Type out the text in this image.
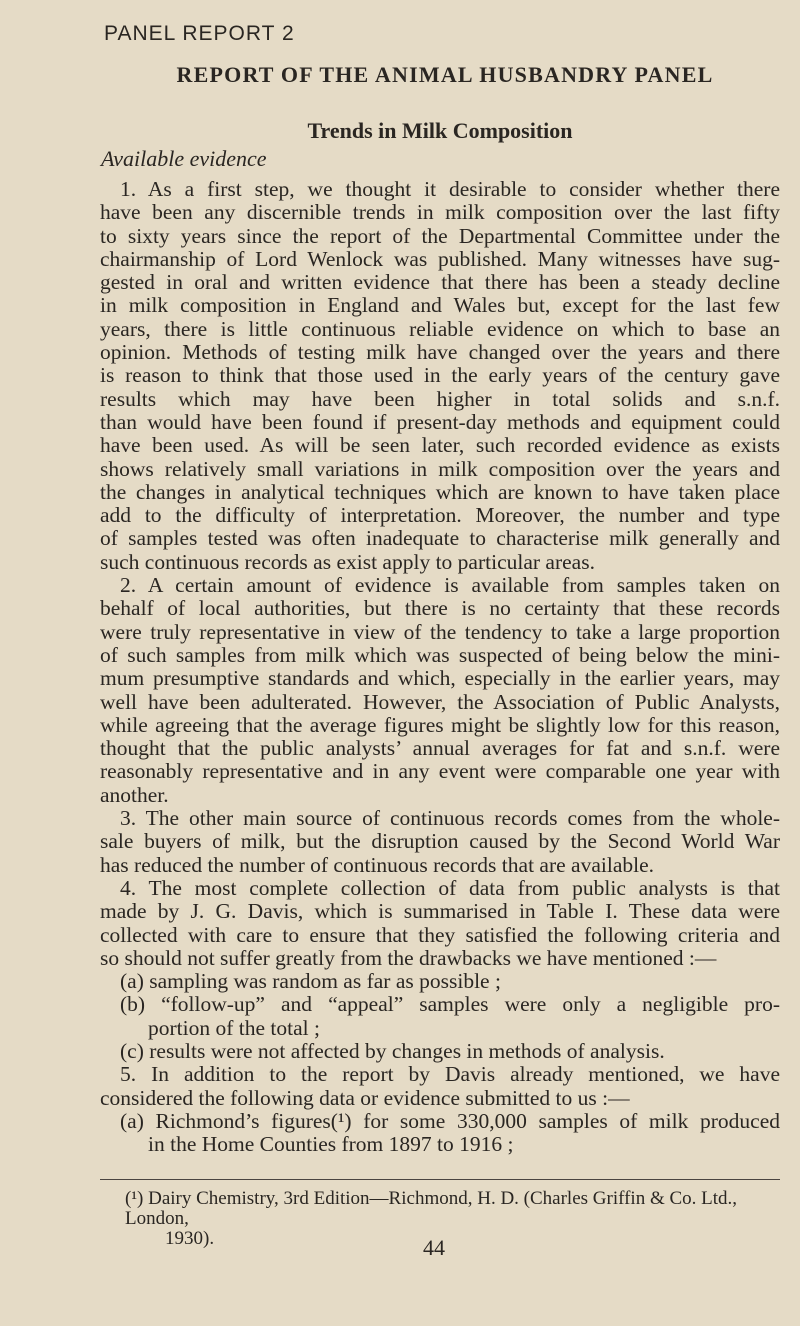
PANEL REPORT 2
REPORT OF THE ANIMAL HUSBANDRY PANEL
Trends in Milk Composition
Available evidence
1. As a first step, we thought it desirable to consider whether there
have been any discernible trends in milk composition over the last fifty
to sixty years since the report of the Departmental Committee under the
chairmanship of Lord Wenlock was published. Many witnesses have sug-
gested in oral and written evidence that there has been a steady decline
in milk composition in England and Wales but, except for the last few
years, there is little continuous reliable evidence on which to base an
opinion. Methods of testing milk have changed over the years and there
is reason to think that those used in the early years of the century gave
results which may have been higher in total solids and s.n.f.
than would have been found if present-day methods and equipment could
have been used. As will be seen later, such recorded evidence as exists
shows relatively small variations in milk composition over the years and
the changes in analytical techniques which are known to have taken place
add to the difficulty of interpretation. Moreover, the number and type
of samples tested was often inadequate to characterise milk generally and
such continuous records as exist apply to particular areas.
2. A certain amount of evidence is available from samples taken on
behalf of local authorities, but there is no certainty that these records
were truly representative in view of the tendency to take a large proportion
of such samples from milk which was suspected of being below the mini-
mum presumptive standards and which, especially in the earlier years, may
well have been adulterated. However, the Association of Public Analysts,
while agreeing that the average figures might be slightly low for this reason,
thought that the public analysts’ annual averages for fat and s.n.f. were
reasonably representative and in any event were comparable one year with
another.
3. The other main source of continuous records comes from the whole-
sale buyers of milk, but the disruption caused by the Second World War
has reduced the number of continuous records that are available.
4. The most complete collection of data from public analysts is that
made by J. G. Davis, which is summarised in Table I. These data were
collected with care to ensure that they satisfied the following criteria and
so should not suffer greatly from the drawbacks we have mentioned :—
(a) sampling was random as far as possible ;
(b) “follow-up” and “appeal” samples were only a negligible pro-
portion of the total ;
(c) results were not affected by changes in methods of analysis.
5. In addition to the report by Davis already mentioned, we have
considered the following data or evidence submitted to us :—
(a) Richmond’s figures(¹) for some 330,000 samples of milk produced
in the Home Counties from 1897 to 1916 ;
(¹) Dairy Chemistry, 3rd Edition—Richmond, H. D. (Charles Griffin & Co. Ltd., London,
1930).	44
